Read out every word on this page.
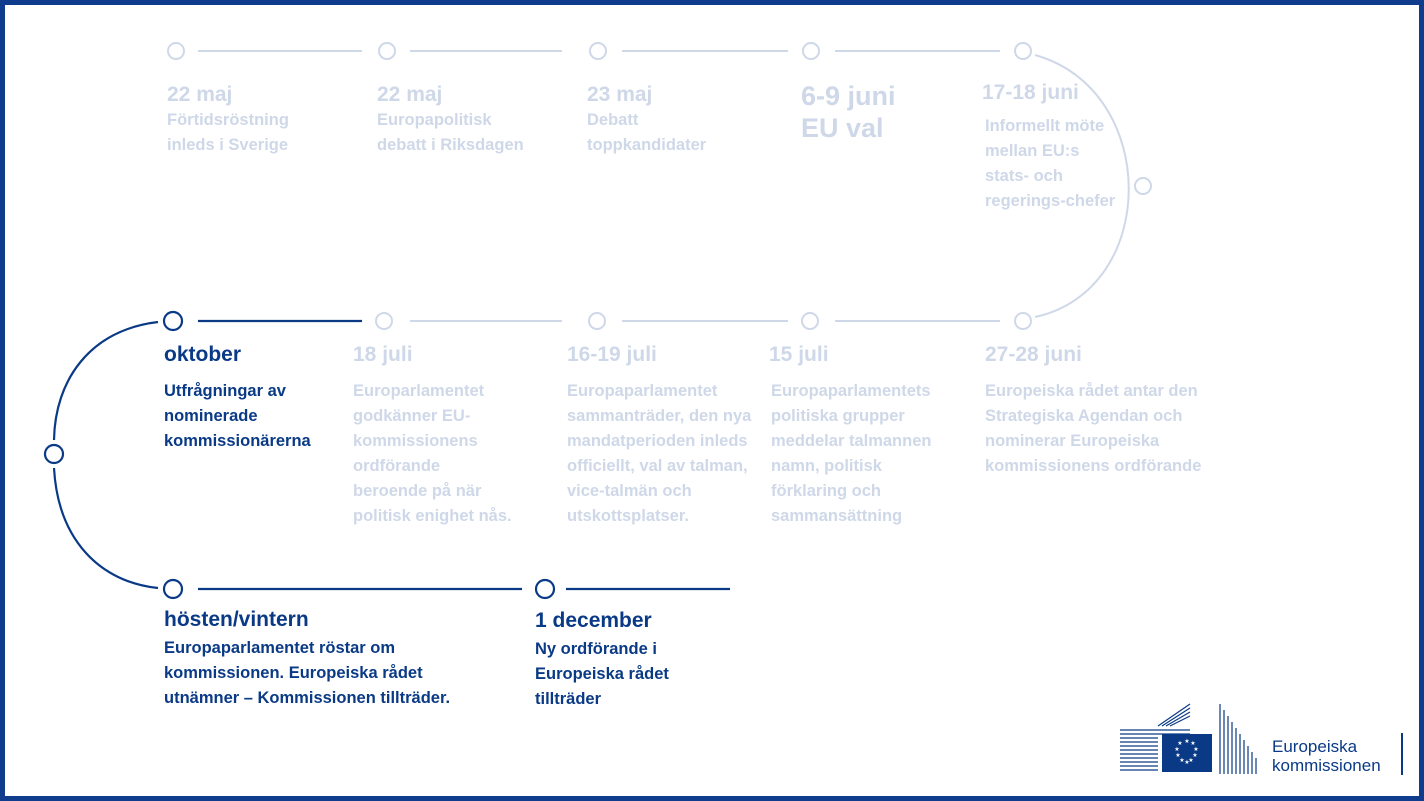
22 maj
Förtidsröstning inleds i Sverige
22 maj
Europapolitisk debatt i Riksdagen
23 maj
Debatt toppkandidater
6-9 juni
EU val
17-18 juni
Informellt möte mellan EU:s stats- och regerings-chefer
oktober
Utfrågningar av nominerade kommissionärerna
18 juli
Europarlamentet godkänner EU-kommissionens ordförande beroende på när politisk enighet nås.
16-19 juli
Europaparlamentet sammanträder, den nya mandatperioden inleds officiellt, val av talman, vice-talmän och utskottsplatser.
15 juli
Europaparlamentets politiska grupper meddelar talmannen namn, politisk förklaring och sammansättning
27-28 juni
Europeiska rådet antar den Strategiska Agendan och nominerar Europeiska kommissionens ordförande
hösten/vintern
Europaparlamentet röstar om kommissionen. Europeiska rådet utnämner – Kommissionen tillträder.
1 december
Ny ordförande i Europeiska rådet tillträder
★ ★
★
★
★
★
★
★
★
★	Europeiska
kommissionen
